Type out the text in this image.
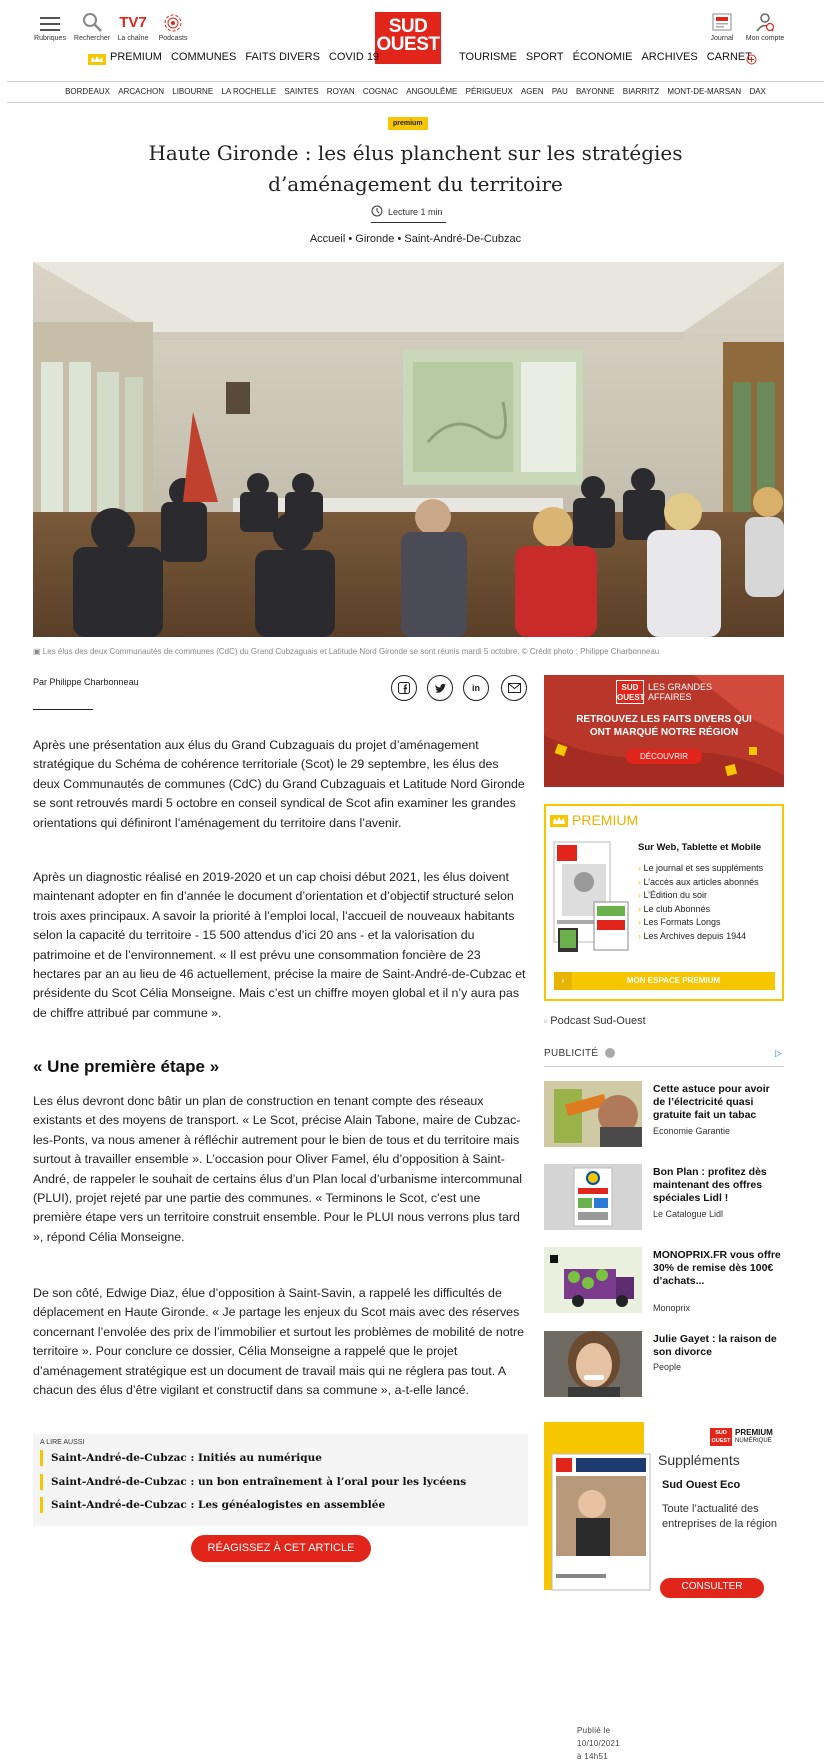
Rubriques	Rechercher
TV7
La chaîne	Podcasts
SUD
OUEST	Journal	Mon compte
PREMIUM COMMUNES FAITS DIVERS COVID 19	TOURISME SPORT ÉCONOMIE ARCHIVES CARNET
BORDEAUX ARCACHON LIBOURNE LA ROCHELLE SAINTES ROYAN COGNAC ANGOULÊME PÉRIGUEUX AGEN PAU BAYONNE BIARRITZ MONT-DE-MARSAN DAX
premium
Haute Gironde : les élus planchent sur les stratégies
d’aménagement du territoire
Lecture 1 min
Accueil • Gironde • Saint-André-De-Cubzac
▣ Les élus des deux Communautés de communes (CdC) du Grand Cubzaguais et Latitude Nord Gironde se sont réunis mardi 5 octobre. © Crédit photo : Philippe Charbonneau
Par Philippe Charbonneau
Publié le 10/10/2021 à 14h51
in
Après une présentation aux élus du Grand Cubzaguais du projet d’aménagement stratégique du Schéma de cohérence territoriale (Scot) le 29 septembre, les élus des deux Communautés de communes (CdC) du Grand Cubzaguais et Latitude Nord Gironde se sont retrouvés mardi 5 octobre en conseil syndical de Scot afin examiner les grandes orientations qui définiront l’aménagement du territoire dans l’avenir.
Après un diagnostic réalisé en 2019-2020 et un cap choisi début 2021, les élus doivent maintenant adopter en fin d’année le document d’orientation et d’objectif structuré selon trois axes principaux. A savoir la priorité à l’emploi local, l’accueil de nouveaux habitants selon la capacité du territoire - 15 500 attendus d’ici 20 ans - et la valorisation du patrimoine et de l’environnement. « Il est prévu une consommation foncière de 23 hectares par an au lieu de 46 actuellement, précise la maire de Saint-André-de-Cubzac et présidente du Scot Célia Monseigne. Mais c’est un chiffre moyen global et il n’y aura pas de chiffre attribué par commune ».
« Une première étape »
Les élus devront donc bâtir un plan de construction en tenant compte des réseaux existants et des moyens de transport. « Le Scot, précise Alain Tabone, maire de Cubzac-les-Ponts, va nous amener à réfléchir autrement pour le bien de tous et du territoire mais surtout à travailler ensemble ». L’occasion pour Oliver Famel, élu d’opposition à Saint-André, de rappeler le souhait de certains élus d’un Plan local d’urbanisme intercommunal (PLUI), projet rejeté par une partie des communes. « Terminons le Scot, c’est une première étape vers un territoire construit ensemble. Pour le PLUI nous verrons plus tard », répond Célia Monseigne.
De son côté, Edwige Diaz, élue d’opposition à Saint-Savin, a rappelé les difficultés de déplacement en Haute Gironde. « Je partage les enjeux du Scot mais avec des réserves concernant l’envolée des prix de l’immobilier et surtout les problèmes de mobilité de notre territoire ». Pour conclure ce dossier, Célia Monseigne a rappelé que le projet d’aménagement stratégique est un document de travail mais qui ne réglera pas tout. A chacun des élus d’être vigilant et constructif dans sa commune », a-t-elle lancé.
A LIRE AUSSI
Saint-André-de-Cubzac : Initiés au numérique
Saint-André-de-Cubzac : un bon entraînement à l’oral pour les lycéens
Saint-André-de-Cubzac : Les généalogistes en assemblée
RÉAGISSEZ À CET ARTICLE
SUD
OUEST
LES GRANDES
AFFAIRES
RETROUVEZ LES FAITS DIVERS QUI
ONT MARQUÉ NOTRE RÉGION
DÉCOUVRIR
PREMIUM
Sur Web, Tablette et Mobile
› Le journal et ses suppléments
› L’accès aux articles abonnés
› L’Édition du soir
› Le club Abonnés
› Les Formats Longs
› Les Archives depuis 1944
›	MON ESPACE PREMIUM
▫ Podcast Sud-Ouest
PUBLICITÉ	▷
Cette astuce pour avoir de l’électricité quasi gratuite fait un tabac
Economie Garantie
Bon Plan : profitez dès maintenant des offres spéciales Lidl !
Le Catalogue Lidl
MONOPRIX.FR vous offre 30% de remise dès 100€ d’achats...
Monoprix
Julie Gayet : la raison de son divorce
People
SUD
OUEST
PREMIUM
NUMÉRIQUE
Suppléments
Sud Ouest Eco
Toute l’actualité des entreprises de la région
CONSULTER
